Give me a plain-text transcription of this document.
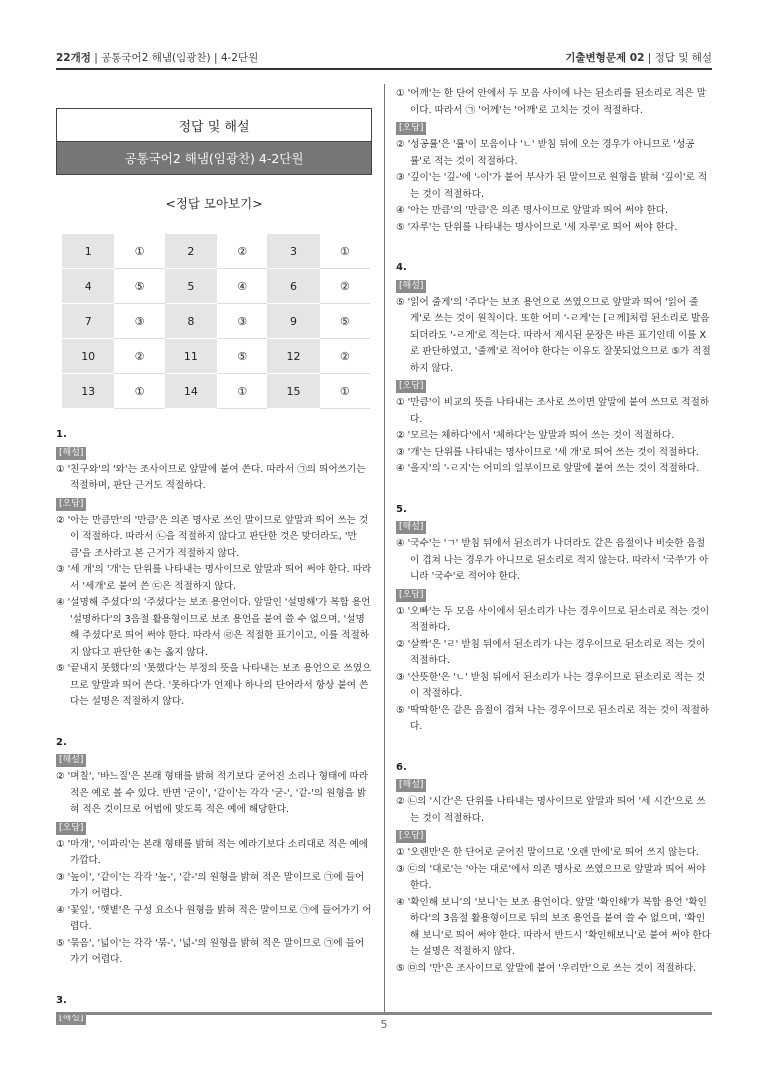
22개정 | 공통국어2 해냄(임광찬) | 4-2단원	기출변형문제 02 | 정답 및 해설
정답 및 해설
공통국어2 해냄(임광찬) 4-2단원
<정답 모아보기>
1	①	2	②	3	①
4	⑤	5	④	6	②
7	③	8	③	9	⑤
10	②	11	⑤	12	②
13	①	14	①	15	①
1.
[해설]
① '친구와'의 '와'는 조사이므로 앞말에 붙여 쓴다. 따라서 ㉠의 띄어쓰기는 적절하며, 판단 근거도 적절하다.
[오답]
② '아는 만큼만'의 '만큼'은 의존 명사로 쓰인 말이므로 앞말과 띄어 쓰는 것이 적절하다. 따라서 ㉡을 적절하지 않다고 판단한 것은 맞더라도, '만큼'을 조사라고 본 근거가 적절하지 않다.
③ '세 개'의 '개'는 단위를 나타내는 명사이므로 앞말과 띄어 써야 한다. 따라서 '세개'로 붙여 쓴 ㉢은 적절하지 않다.
④ '설명해 주셨다'의 '주셨다'는 보조 용언이다. 앞말인 '설명해'가 복합 용언 '설명하다'의 3음절 활용형이므로 보조 용언을 붙여 쓸 수 없으며, '설명해 주셨다'로 띄어 써야 한다. 따라서 ㉣은 적절한 표기이고, 이를 적절하지 않다고 판단한 ④는 옳지 않다.
⑤ '끝내지 못했다'의 '못했다'는 부정의 뜻을 나타내는 보조 용언으로 쓰였으므로 앞말과 띄어 쓴다. '못하다'가 언제나 하나의 단어라서 항상 붙여 쓴다는 설명은 적절하지 않다.
2.
[해설]
② '며칠', '바느질'은 본래 형태를 밝혀 적기보다 굳어진 소리나 형태에 따라 적은 예로 볼 수 있다. 반면 '굳이', '같이'는 각각 '굳-', '같-'의 원형을 밝혀 적은 것이므로 어법에 맞도록 적은 예에 해당한다.
[오답]
① '마개', '이파리'는 본래 형태를 밝혀 적는 예라기보다 소리대로 적은 예에 가깝다.
③ '높이', '같이'는 각각 '높-', '같-'의 원형을 밝혀 적은 말이므로 ㉠에 들어가기 어렵다.
④ '꽃잎', '햇볕'은 구성 요소나 원형을 밝혀 적은 말이므로 ㉠에 들어가기 어렵다.
⑤ '묶음', '넓이'는 각각 '묶-', '넓-'의 원형을 밝혀 적은 말이므로 ㉠에 들어가기 어렵다.
3.
[해설]
① '어깨'는 한 단어 안에서 두 모음 사이에 나는 된소리를 된소리로 적은 말이다. 따라서 ㉠ '어께'는 '어깨'로 고치는 것이 적절하다.
[오답]
② '성공률'은 '률'이 모음이나 'ㄴ' 받침 뒤에 오는 경우가 아니므로 '성공률'로 적는 것이 적절하다.
③ '깊이'는 '깊-'에 '-이'가 붙어 부사가 된 말이므로 원형을 밝혀 '깊이'로 적는 것이 적절하다.
④ '아는 만큼'의 '만큼'은 의존 명사이므로 앞말과 띄어 써야 한다.
⑤ '자루'는 단위를 나타내는 명사이므로 '세 자루'로 띄어 써야 한다.
4.
[해설]
⑤ '읽어 줄게'의 '주다'는 보조 용언으로 쓰였으므로 앞말과 띄어 '읽어 줄게'로 쓰는 것이 원칙이다. 또한 어미 '-ㄹ게'는 [ㄹ께]처럼 된소리로 발음되더라도 '-ㄹ게'로 적는다. 따라서 제시된 문장은 바른 표기인데 이를 X로 판단하였고, '줄께'로 적어야 한다는 이유도 잘못되었으므로 ⑤가 적절하지 않다.
[오답]
① '만큼'이 비교의 뜻을 나타내는 조사로 쓰이면 앞말에 붙여 쓰므로 적절하다.
② '모르는 체하다'에서 '체하다'는 앞말과 띄어 쓰는 것이 적절하다.
③ '개'는 단위를 나타내는 명사이므로 '세 개'로 띄어 쓰는 것이 적절하다.
④ '올지'의 '-ㄹ지'는 어미의 일부이므로 앞말에 붙여 쓰는 것이 적절하다.
5.
[해설]
④ '국수'는 'ㄱ' 받침 뒤에서 된소리가 나더라도 같은 음절이나 비슷한 음절이 겹쳐 나는 경우가 아니므로 된소리로 적지 않는다. 따라서 '국쑤'가 아니라 '국수'로 적어야 한다.
[오답]
① '오빠'는 두 모음 사이에서 된소리가 나는 경우이므로 된소리로 적는 것이 적절하다.
② '살짝'은 'ㄹ' 받침 뒤에서 된소리가 나는 경우이므로 된소리로 적는 것이 적절하다.
③ '산뜻한'은 'ㄴ' 받침 뒤에서 된소리가 나는 경우이므로 된소리로 적는 것이 적절하다.
⑤ '딱딱한'은 같은 음절이 겹쳐 나는 경우이므로 된소리로 적는 것이 적절하다.
6.
[해설]
② ㉡의 '시간'은 단위를 나타내는 명사이므로 앞말과 띄어 '세 시간'으로 쓰는 것이 적절하다.
[오답]
① '오랜만'은 한 단어로 굳어진 말이므로 '오랜 만에'로 띄어 쓰지 않는다.
③ ㉢의 '대로'는 '아는 대로'에서 의존 명사로 쓰였으므로 앞말과 띄어 써야 한다.
④ '확인해 보니'의 '보니'는 보조 용언이다. 앞말 '확인해'가 복합 용언 '확인하다'의 3음절 활용형이므로 뒤의 보조 용언을 붙여 쓸 수 없으며, '확인해 보니'로 띄어 써야 한다. 따라서 반드시 '확인해보니'로 붙여 써야 한다는 설명은 적절하지 않다.
⑤ ㉤의 '만'은 조사이므로 앞말에 붙여 '우리만'으로 쓰는 것이 적절하다.
5
